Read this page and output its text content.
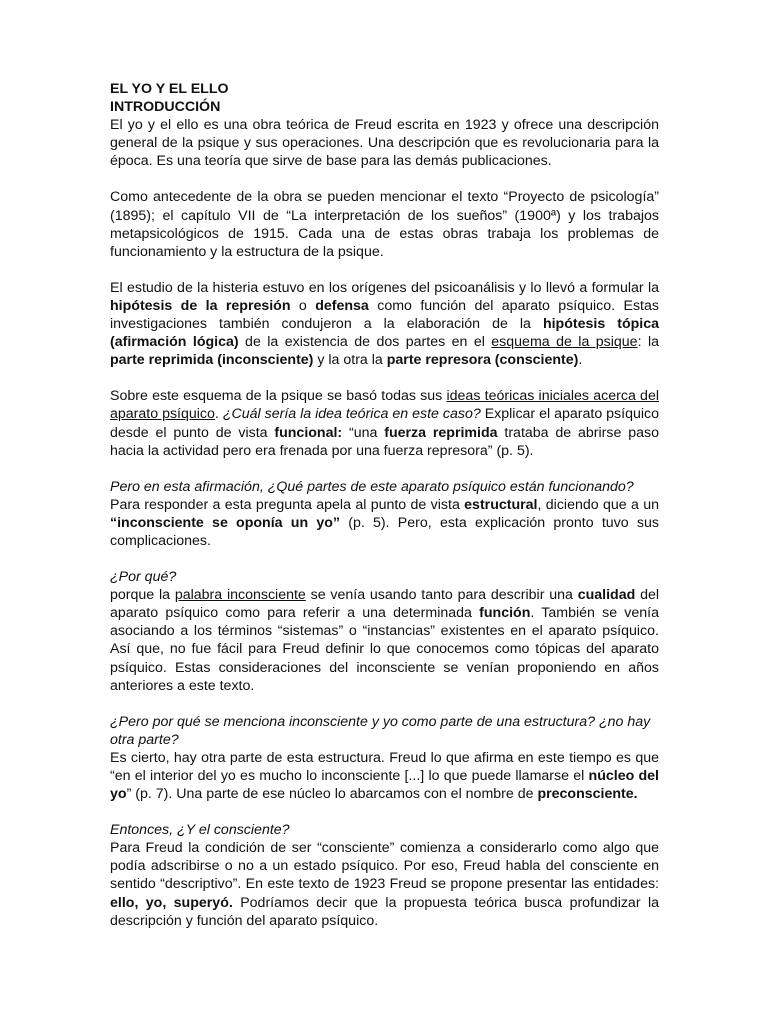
EL YO Y EL ELLO
INTRODUCCIÓN

El yo y el ello es una obra teórica de Freud escrita en 1923 y ofrece una descripción general de la psique y sus operaciones. Una descripción que es revolucionaria para la época. Es una teoría que sirve de base para las demás publicaciones.

Como antecedente de la obra se pueden mencionar el texto “Proyecto de psicología” (1895); el capítulo VII de “La interpretación de los sueños” (1900ª) y los trabajos metapsicológicos de 1915. Cada una de estas obras trabaja los problemas de funcionamiento y la estructura de la psique.

El estudio de la histeria estuvo en los orígenes del psicoanálisis y lo llevó a formular la hipótesis de la represión o defensa como función del aparato psíquico. Estas investigaciones también condujeron a la elaboración de la hipótesis tópica (afirmación lógica) de la existencia de dos partes en el esquema de la psique: la parte reprimida (inconsciente) y la otra la parte represora (consciente).

Sobre este esquema de la psique se basó todas sus ideas teóricas iniciales acerca del aparato psíquico. ¿Cuál sería la idea teórica en este caso? Explicar el aparato psíquico desde el punto de vista funcional: “una fuerza reprimida trataba de abrirse paso hacia la actividad pero era frenada por una fuerza represora” (p. 5).

Pero en esta afirmación, ¿Qué partes de este aparato psíquico están funcionando?

Para responder a esta pregunta apela al punto de vista estructural, diciendo que a un “inconsciente se oponía un yo” (p. 5). Pero, esta explicación pronto tuvo sus complicaciones.

¿Por qué?

porque la palabra inconsciente se venía usando tanto para describir una cualidad del aparato psíquico como para referir a una determinada función. También se venía asociando a los términos “sistemas” o “instancias” existentes en el aparato psíquico. Así que, no fue fácil para Freud definir lo que conocemos como tópicas del aparato psíquico. Estas consideraciones del inconsciente se venían proponiendo en años anteriores a este texto.

¿Pero por qué se menciona inconsciente y yo como parte de una estructura? ¿no hay otra parte?

Es cierto, hay otra parte de esta estructura. Freud lo que afirma en este tiempo es que “en el interior del yo es mucho lo inconsciente [...] lo que puede llamarse el núcleo del yo” (p. 7). Una parte de ese núcleo lo abarcamos con el nombre de preconsciente.

Entonces, ¿Y el consciente?

Para Freud la condición de ser “consciente” comienza a considerarlo como algo que podía adscribirse o no a un estado psíquico. Por eso, Freud habla del consciente en sentido “descriptivo”. En este texto de 1923 Freud se propone presentar las entidades: ello, yo, superyó. Podríamos decir que la propuesta teórica busca profundizar la descripción y función del aparato psíquico.
